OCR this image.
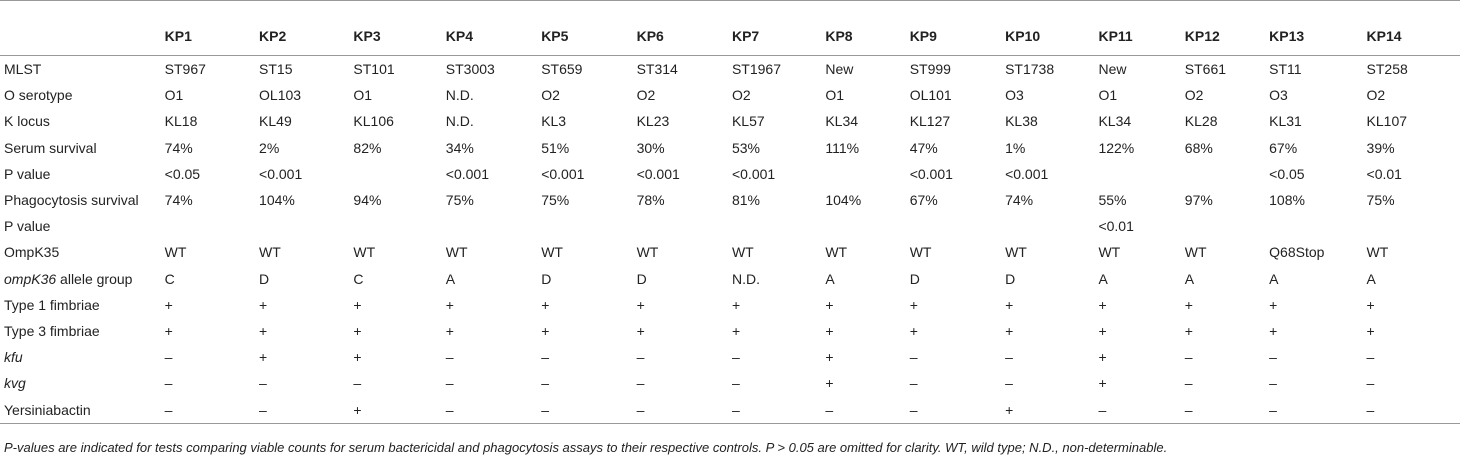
	KP1	KP2	KP3	KP4	KP5	KP6	KP7	KP8	KP9	KP10	KP11	KP12	KP13	KP14
MLST	ST967	ST15	ST101	ST3003	ST659	ST314	ST1967	New	ST999	ST1738	New	ST661	ST11	ST258
O serotype	O1	OL103	O1	N.D.	O2	O2	O2	O1	OL101	O3	O1	O2	O3	O2
K locus	KL18	KL49	KL106	N.D.	KL3	KL23	KL57	KL34	KL127	KL38	KL34	KL28	KL31	KL107
Serum survival	74%	2%	82%	34%	51%	30%	53%	111%	47%	1%	122%	68%	67%	39%
P value	<0.05	<0.001		<0.001	<0.001	<0.001	<0.001		<0.001	<0.001			<0.05	<0.01
Phagocytosis survival	74%	104%	94%	75%	75%	78%	81%	104%	67%	74%	55%	97%	108%	75%
P value											<0.01			
OmpK35	WT	WT	WT	WT	WT	WT	WT	WT	WT	WT	WT	WT	Q68Stop	WT
ompK36 allele group	C	D	C	A	D	D	N.D.	A	D	D	A	A	A	A
Type 1 fimbriae	+	+	+	+	+	+	+	+	+	+	+	+	+	+
Type 3 fimbriae	+	+	+	+	+	+	+	+	+	+	+	+	+	+
kfu	–	+	+	–	–	–	–	+	–	–	+	–	–	–
kvg	–	–	–	–	–	–	–	+	–	–	+	–	–	–
Yersiniabactin	–	–	+	–	–	–	–	–	–	+	–	–	–	–
P-values are indicated for tests comparing viable counts for serum bactericidal and phagocytosis assays to their respective controls. P > 0.05 are omitted for clarity. WT, wild type; N.D., non-determinable.
